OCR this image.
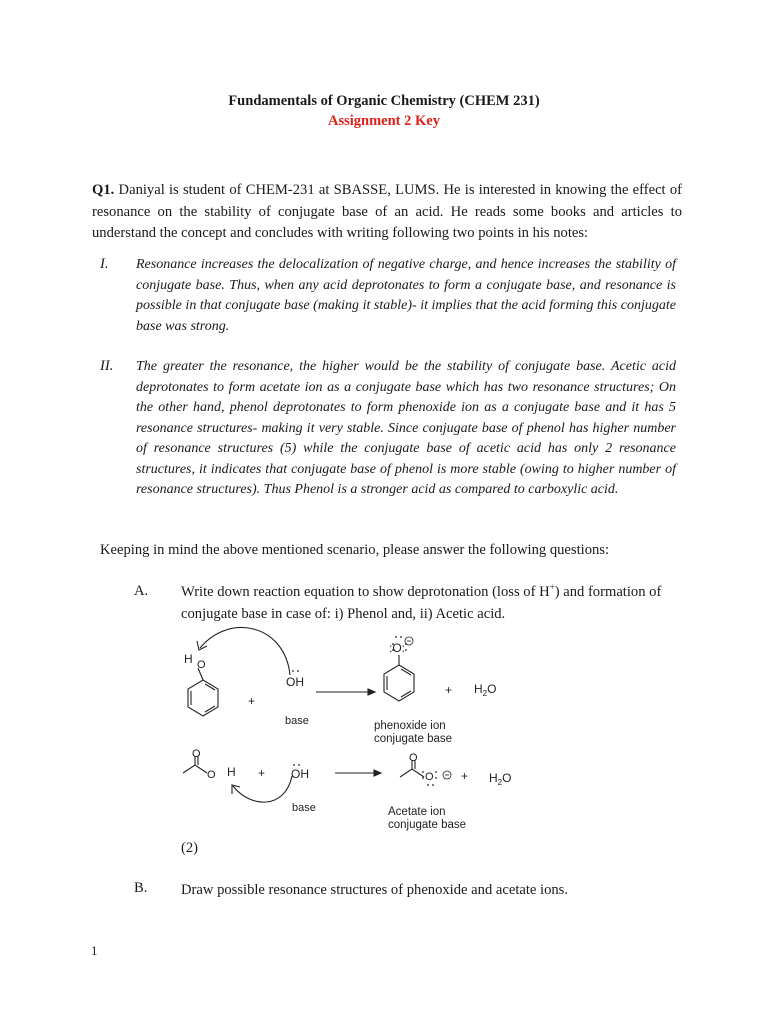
Fundamentals of Organic Chemistry (CHEM 231)
Assignment 2 Key
Q1. Daniyal is student of CHEM-231 at SBASSE, LUMS. He is interested in knowing the effect of resonance on the stability of conjugate base of an acid. He reads some books and articles to understand the concept and concludes with writing following two points in his notes:
I. Resonance increases the delocalization of negative charge, and hence increases the stability of conjugate base. Thus, when any acid deprotonates to form a conjugate base, and resonance is possible in that conjugate base (making it stable)- it implies that the acid forming this conjugate base was strong.
II. The greater the resonance, the higher would be the stability of conjugate base. Acetic acid deprotonates to form acetate ion as a conjugate base which has two resonance structures; On the other hand, phenol deprotonates to form phenoxide ion as a conjugate base and it has 5 resonance structures- making it very stable. Since conjugate base of phenol has higher number of resonance structures (5) while the conjugate base of acetic acid has only 2 resonance structures, it indicates that conjugate base of phenol is more stable (owing to higher number of resonance structures). Thus Phenol is a stronger acid as compared to carboxylic acid.
Keeping in mind the above mentioned scenario, please answer the following questions:
A. Write down reaction equation to show deprotonation (loss of H+) and formation of conjugate base in case of: i) Phenol and, ii) Acetic acid.
H O
+
OH
base
:O:
+ $H_2O$
phenoxide ion
conjugate base
O
O H + OH
base
O
$O + H_2O$
Acetate ion
conjugate base
(2)
B. Draw possible resonance structures of phenoxide and acetate ions.
1
